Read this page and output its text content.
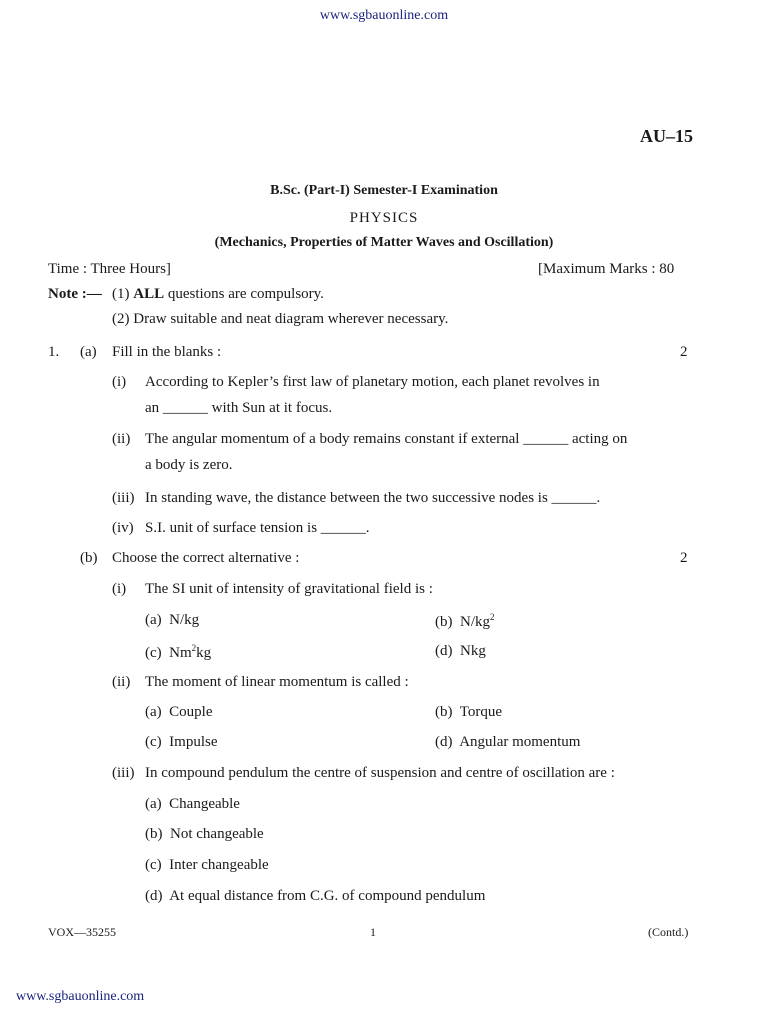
www.sgbauonline.com
AU–15
B.Sc. (Part-I) Semester-I Examination
PHYSICS
(Mechanics, Properties of Matter Waves and Oscillation)
Time : Three Hours]	[Maximum Marks : 80
Note :— (1) ALL questions are compulsory.
(2) Draw suitable and neat diagram wherever necessary.
1. (a) Fill in the blanks :	2
(i) According to Kepler’s first law of planetary motion, each planet revolves in
an ______ with Sun at it focus.
(ii) The angular momentum of a body remains constant if external ______ acting on
a body is zero.
(iii) In standing wave, the distance between the two successive nodes is ______.
(iv) S.I. unit of surface tension is ______.
(b) Choose the correct alternative :	2
(i) The SI unit of intensity of gravitational field is :
(a) N/kg	(b) $N/kg^2$
(c) Nm$^2$kg	(d) Nkg
(ii) The moment of linear momentum is called :
(a) Couple	(b) Torque
(c) Impulse	(d) Angular momentum
(iii) In compound pendulum the centre of suspension and centre of oscillation are :
(a) Changeable
(b) Not changeable
(c) Inter changeable
(d) At equal distance from C.G. of compound pendulum
VOX—35255	1	(Contd.)
www.sgbauonline.com
